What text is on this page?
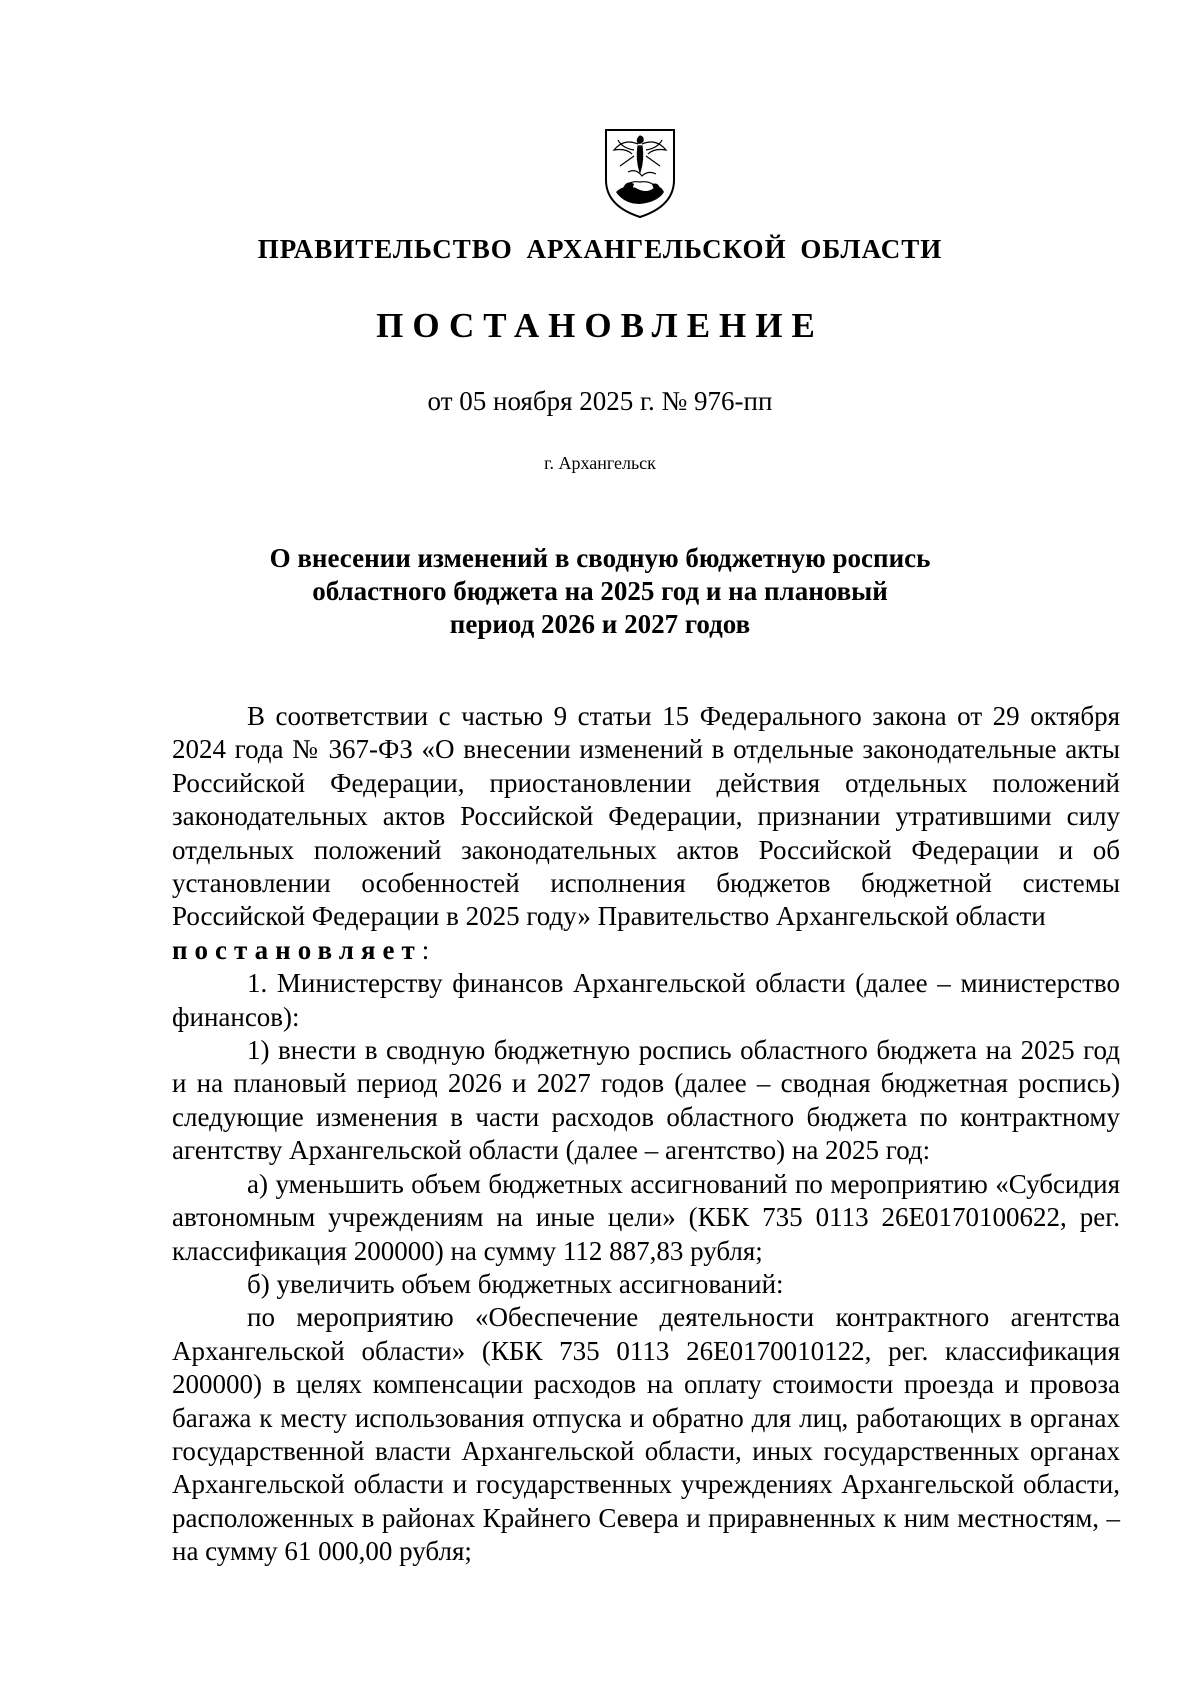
ПРАВИТЕЛЬСТВО АРХАНГЕЛЬСКОЙ ОБЛАСТИ

ПОСТАНОВЛЕНИЕ

от 05 ноября 2025 г. № 976-пп

г. Архангельск

О внесении изменений в сводную бюджетную роспись
областного бюджета на 2025 год и на плановый
период 2026 и 2027 годов

В соответствии с частью 9 статьи 15 Федерального закона от 29 октября 2024 года № 367-ФЗ «О внесении изменений в отдельные законодательные акты Российской Федерации, приостановлении действия отдельных положений законодательных актов Российской Федерации, признании утратившими силу отдельных положений законодательных актов Российской Федерации и об установлении особенностей исполнения бюджетов бюджетной системы Российской Федерации в 2025 году» Правительство Архангельской области

постановляет:

1. Министерству финансов Архангельской области (далее – министерство финансов):

1) внести в сводную бюджетную роспись областного бюджета на 2025 год и на плановый период 2026 и 2027 годов (далее – сводная бюджетная роспись) следующие изменения в части расходов областного бюджета по контрактному агентству Архангельской области (далее – агентство) на 2025 год:

а) уменьшить объем бюджетных ассигнований по мероприятию «Субсидия автономным учреждениям на иные цели» (КБК 735 0113 26Е0170100622, рег. классификация 200000) на сумму 112 887,83 рубля;

б) увеличить объем бюджетных ассигнований:

по мероприятию «Обеспечение деятельности контрактного агентства Архангельской области» (КБК 735 0113 26Е0170010122, рег. классификация 200000) в целях компенсации расходов на оплату стоимости проезда и провоза багажа к месту использования отпуска и обратно для лиц, работающих в органах государственной власти Архангельской области, иных государственных органах Архангельской области и государственных учреждениях Архангельской области, расположенных в районах Крайнего Севера и приравненных к ним местностям, – на сумму 61 000,00 рубля;
